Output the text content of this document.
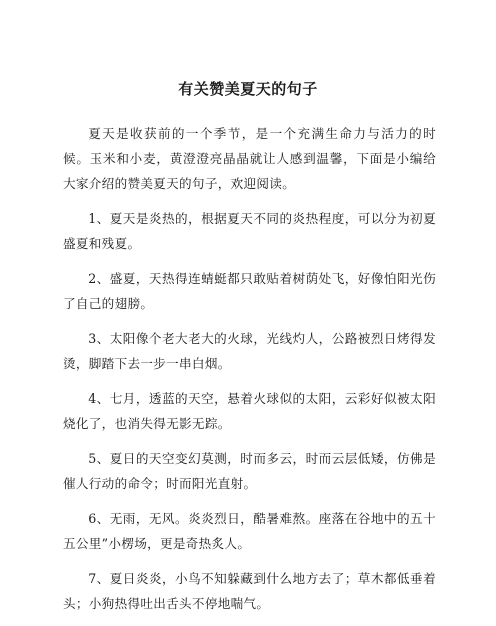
有关赞美夏天的句子

夏天是收获前的一个季节，是一个充满生命力与活力的时候。玉米和小麦，黄澄澄亮晶晶就让人感到温馨，下面是小编给大家介绍的赞美夏天的句子，欢迎阅读。

1、夏天是炎热的，根据夏天不同的炎热程度，可以分为初夏盛夏和残夏。

2、盛夏，天热得连蜻蜓都只敢贴着树荫处飞，好像怕阳光伤了自己的翅膀。

3、太阳像个老大老大的火球，光线灼人，公路被烈日烤得发烫，脚踏下去一步一串白烟。

4、七月，透蓝的天空，悬着火球似的太阳，云彩好似被太阳烧化了，也消失得无影无踪。

5、夏日的天空变幻莫测，时而多云，时而云层低矮，仿佛是催人行动的命令；时而阳光直射。

6、无雨，无风。炎炎烈日，酷暑难熬。座落在谷地中的五十五公里”小楞场，更是奇热炙人。

7、夏日炎炎，小鸟不知躲藏到什么地方去了；草木都低垂着头；小狗热得吐出舌头不停地喘气。
